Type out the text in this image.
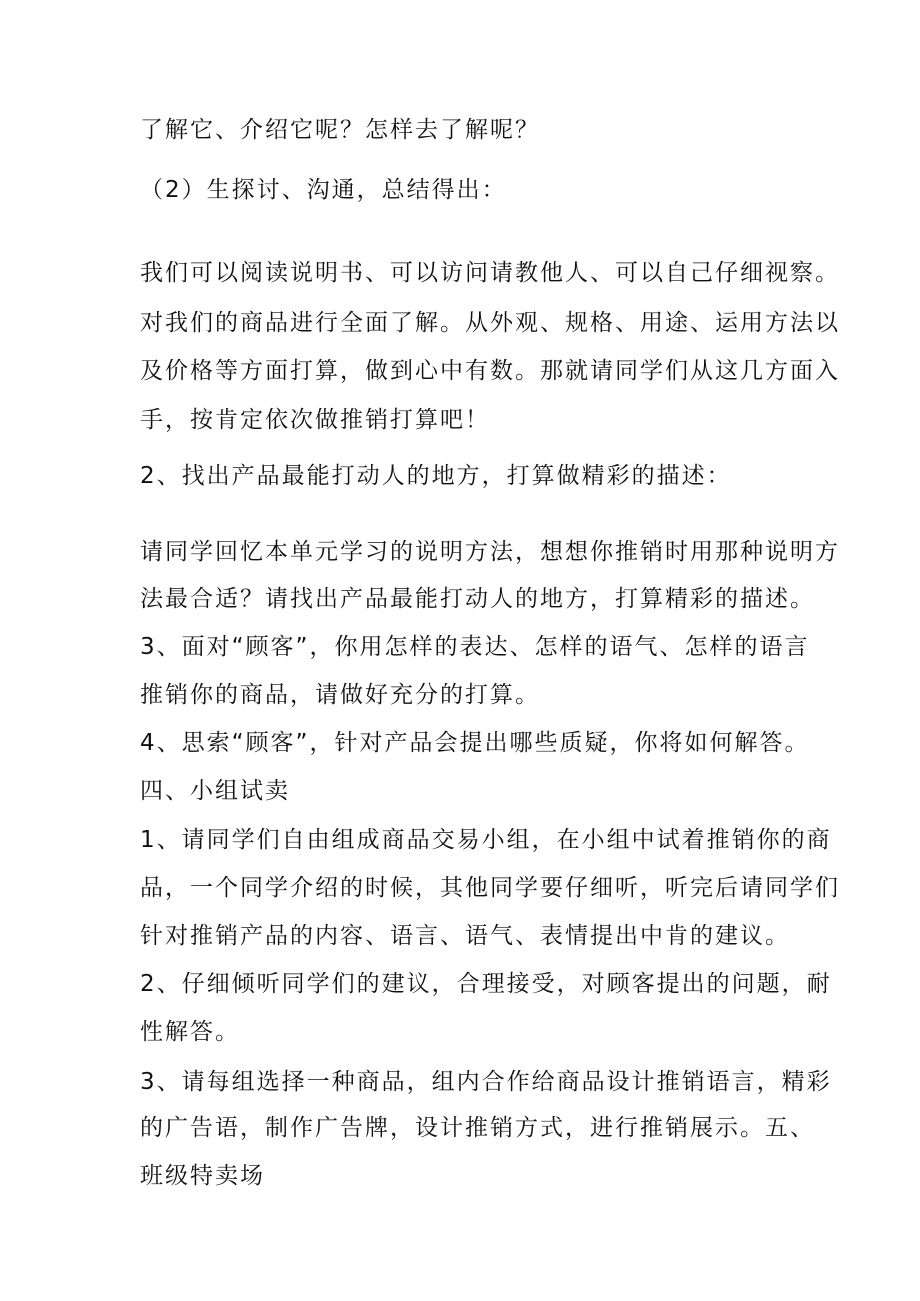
了解它、介绍它呢？怎样去了解呢？
（2）生探讨、沟通，总结得出：
我们可以阅读说明书、可以访问请教他人、可以自己仔细视察。
对我们的商品进行全面了解。从外观、规格、用途、运用方法以
及价格等方面打算，做到心中有数。那就请同学们从这几方面入
手，按肯定依次做推销打算吧！
2、找出产品最能打动人的地方，打算做精彩的描述：
请同学回忆本单元学习的说明方法，想想你推销时用那种说明方
法最合适？请找出产品最能打动人的地方，打算精彩的描述。
3、面对“顾客”，你用怎样的表达、怎样的语气、怎样的语言
推销你的商品，请做好充分的打算。
4、思索“顾客”，针对产品会提出哪些质疑，你将如何解答。
四、小组试卖
1、请同学们自由组成商品交易小组，在小组中试着推销你的商
品，一个同学介绍的时候，其他同学要仔细听，听完后请同学们
针对推销产品的内容、语言、语气、表情提出中肯的建议。
2、仔细倾听同学们的建议，合理接受，对顾客提出的问题，耐
性解答。
3、请每组选择一种商品，组内合作给商品设计推销语言，精彩
的广告语，制作广告牌，设计推销方式，进行推销展示。五、
班级特卖场
